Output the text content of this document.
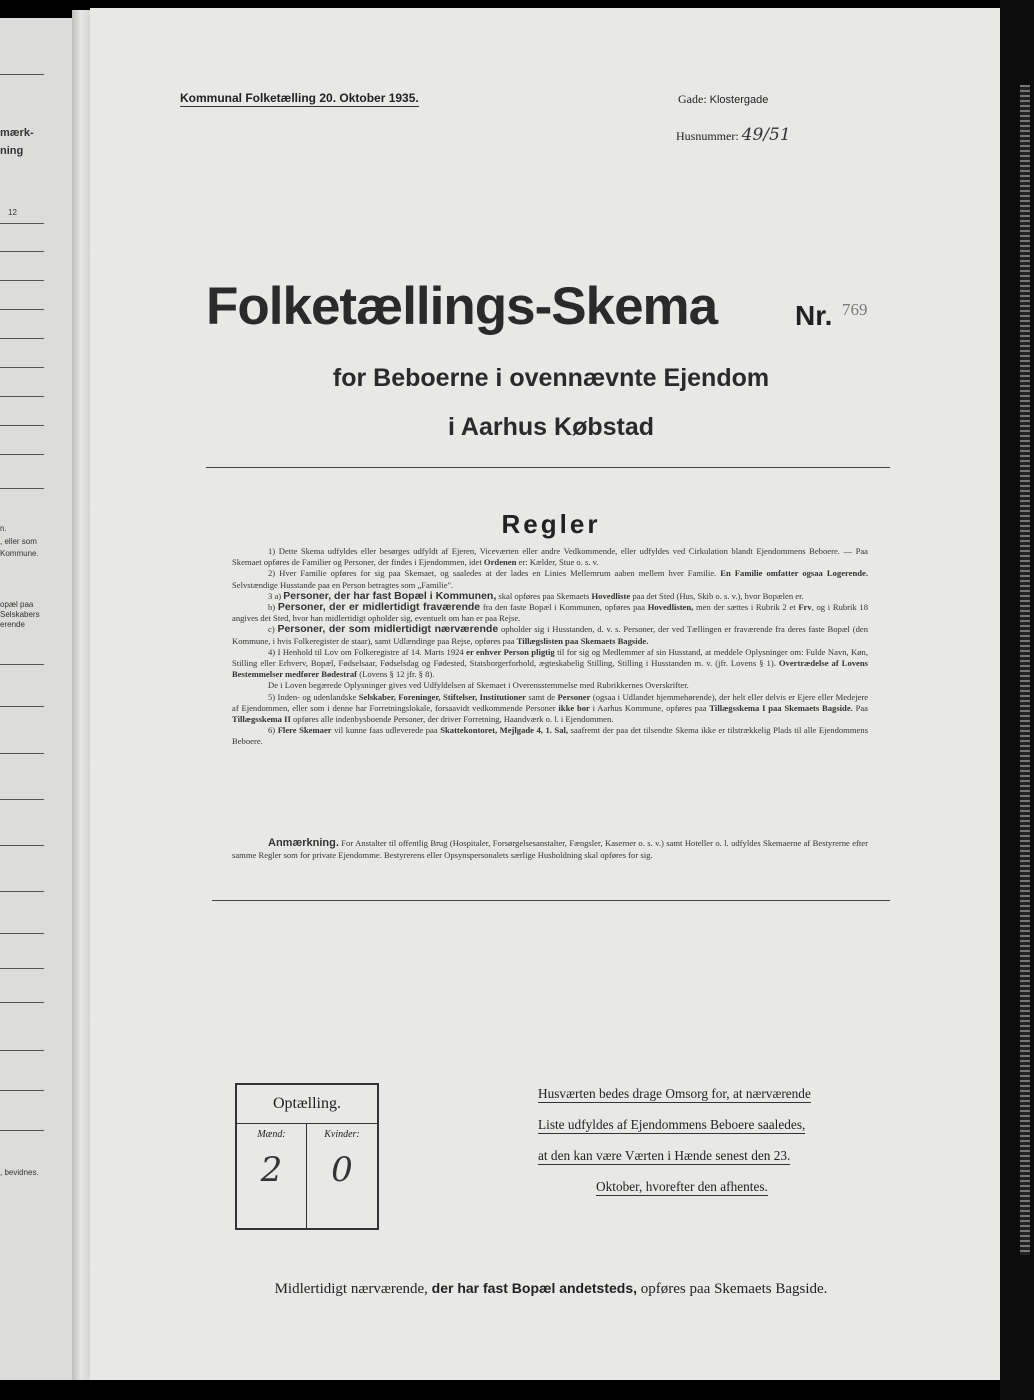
mærk-
ning
12
n.
, eller som
Kommune.
opæl paa
Selskabers
erende
, bevidnes.
Kommunal Folketælling 20. Oktober 1935.	Gade: Klostergade
Husnummer: 49/51
Folketællings-Skema	Nr. 769
for Beboerne i ovennævnte Ejendom
i Aarhus Købstad
Regler

1) Dette Skema udfyldes eller besørges udfyldt af Ejeren, Viceværten eller andre Vedkommende, eller udfyldes ved Cirkulation blandt Ejendommens Beboere. — Paa Skemaet opføres de Familier og Personer, der findes i Ejendommen, idet Ordenen er: Kælder, Stue o. s. v.

2) Hver Familie opføres for sig paa Skemaet, og saaledes at der lades en Linies Mellemrum aaben mellem hver Familie. En Familie omfatter ogsaa Logerende. Selvstændige Husstande paa en Person betragtes som „Familie".

3 a) Personer, der har fast Bopæl i Kommunen, skal opføres paa Skemaets Hovedliste paa det Sted (Hus, Skib o. s. v.), hvor Bopælen er.

b) Personer, der er midlertidigt fraværende fra den faste Bopæl i Kommunen, opføres paa Hovedlisten, men der sættes i Rubrik 2 et Frv, og i Rubrik 18 angives det Sted, hvor han midlertidigt opholder sig, eventuelt om han er paa Rejse.

c) Personer, der som midlertidigt nærværende opholder sig i Husstanden, d. v. s. Personer, der ved Tællingen er fraværende fra deres faste Bopæl (den Kommune, i hvis Folkeregister de staar), samt Udlændinge paa Rejse, opføres paa Tillægslisten paa Skemaets Bagside.

4) I Henhold til Lov om Folkeregistre af 14. Marts 1924 er enhver Person pligtig til for sig og Medlemmer af sin Husstand, at meddele Oplysninger om: Fulde Navn, Køn, Stilling eller Erhverv, Bopæl, Fødselsaar, Fødselsdag og Fødested, Statsborgerforhold, ægteskabelig Stilling, Stilling i Husstanden m. v. (jfr. Lovens § 1). Overtrædelse af Lovens Bestemmelser medfører Bødestraf (Lovens § 12 jfr. § 8).

De i Loven begærede Oplysninger gives ved Udfyldelsen af Skemaet i Overensstemmelse med Rubrikkernes Overskrifter.

5) Inden- og udenlandske Selskaber, Foreninger, Stiftelser, Institutioner samt de Personer (ogsaa i Udlandet hjemmehørende), der helt eller delvis er Ejere eller Medejere af Ejendommen, eller som i denne har Forretningslokale, forsaavidt vedkommende Personer ikke bor i Aarhus Kommune, opføres paa Tillægsskema I paa Skemaets Bagside. Paa Tillægsskema II opføres alle indenbysboende Personer, der driver Forretning, Haandværk o. l. i Ejendommen.

6) Flere Skemaer vil kunne faas udleverede paa Skattekontoret, Mejlgade 4, 1. Sal, saafremt der paa det tilsendte Skema ikke er tilstrækkelig Plads til alle Ejendommens Beboere.

Anmærkning. For Anstalter til offentlig Brug (Hospitaler, Forsørgelsesanstalter, Fængsler, Kaserner o. s. v.) samt Hoteller o. l. udfyldes Skemaerne af Bestyrerne efter samme Regler som for private Ejendomme. Bestyrerens eller Opsynspersonalets særlige Husholdning skal opføres for sig.

Optælling.
Mænd:
2
Kvinder:
0
Husværten bedes drage Omsorg for, at nærværende Liste udfyldes af Ejendommens Beboere saaledes, at den kan være Værten i Hænde senest den 23. Oktober, hvorefter den afhentes.
Midlertidigt nærværende, der har fast Bopæl andetsteds, opføres paa Skemaets Bagside.
